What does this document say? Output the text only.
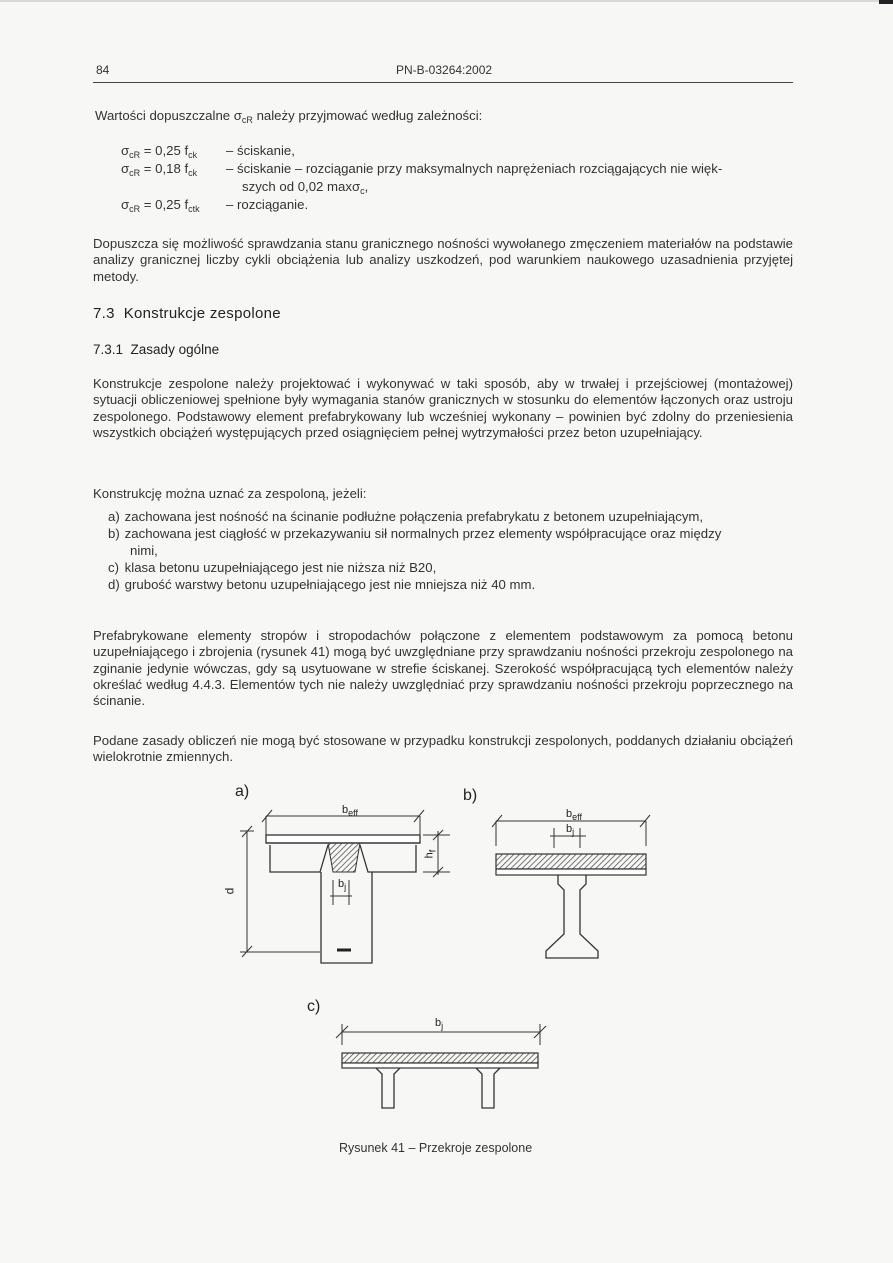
84	PN-B-03264:2002
Wartości dopuszczalne $\sigma_{cR}$ należy przyjmować według zależności:
$\sigma_{cR} = 0,25$ $f_{ck}$ – ściskanie,
$\sigma_{cR} = 0,18$ $f_{ck}$ – ściskanie – rozciąganie przy maksymalnych naprężeniach rozciągających nie więk-
szych od 0,02 maxσ$_c$,
$\sigma_{cR} = 0,25$ $f_{ctk}$ – rozciąganie.
Dopuszcza się możliwość sprawdzania stanu granicznego nośności wywołanego zmęczeniem materiałów na podstawie analizy granicznej liczby cykli obciążenia lub analizy uszkodzeń, pod warunkiem naukowego uzasadnienia przyjętej metody.
7.3 Konstrukcje zespolone
7.3.1 Zasady ogólne
Konstrukcje zespolone należy projektować i wykonywać w taki sposób, aby w trwałej i przejściowej (montażowej) sytuacji obliczeniowej spełnione były wymagania stanów granicznych w stosunku do elementów łączonych oraz ustroju zespolonego. Podstawowy element prefabrykowany lub wcześniej wykonany – powinien być zdolny do przeniesienia wszystkich obciążeń występujących przed osiągnięciem pełnej wytrzymałości przez beton uzupełniający.
Konstrukcję można uznać za zespoloną, jeżeli:
a) zachowana jest nośność na ścinanie podłużne połączenia prefabrykatu z betonem uzupełniającym,
b) zachowana jest ciągłość w przekazywaniu sił normalnych przez elementy współpracujące oraz między
nimi,
c) klasa betonu uzupełniającego jest nie niższa niż B20,
d) grubość warstwy betonu uzupełniającego jest nie mniejsza niż 40 mm.
Prefabrykowane elementy stropów i stropodachów połączone z elementem podstawowym za pomocą betonu uzupełniającego i zbrojenia (rysunek 41) mogą być uwzględniane przy sprawdzaniu nośności przekroju zespolonego na zginanie jedynie wówczas, gdy są usytuowane w strefie ściskanej. Szerokość współpracującą tych elementów należy określać według 4.4.3. Elementów tych nie należy uwzględniać przy sprawdzaniu nośności przekroju poprzecznego na ścinanie.
Podane zasady obliczeń nie mogą być stosowane w przypadku konstrukcji zespolonych, poddanych działaniu obciążeń wielokrotnie zmiennych.
a)	b)
c)
$b_{eff}$
$b_j$
d
$h_f$
$b_{eff}$
$b_j$
$b_j$
Rysunek 41 – Przekroje zespolone
